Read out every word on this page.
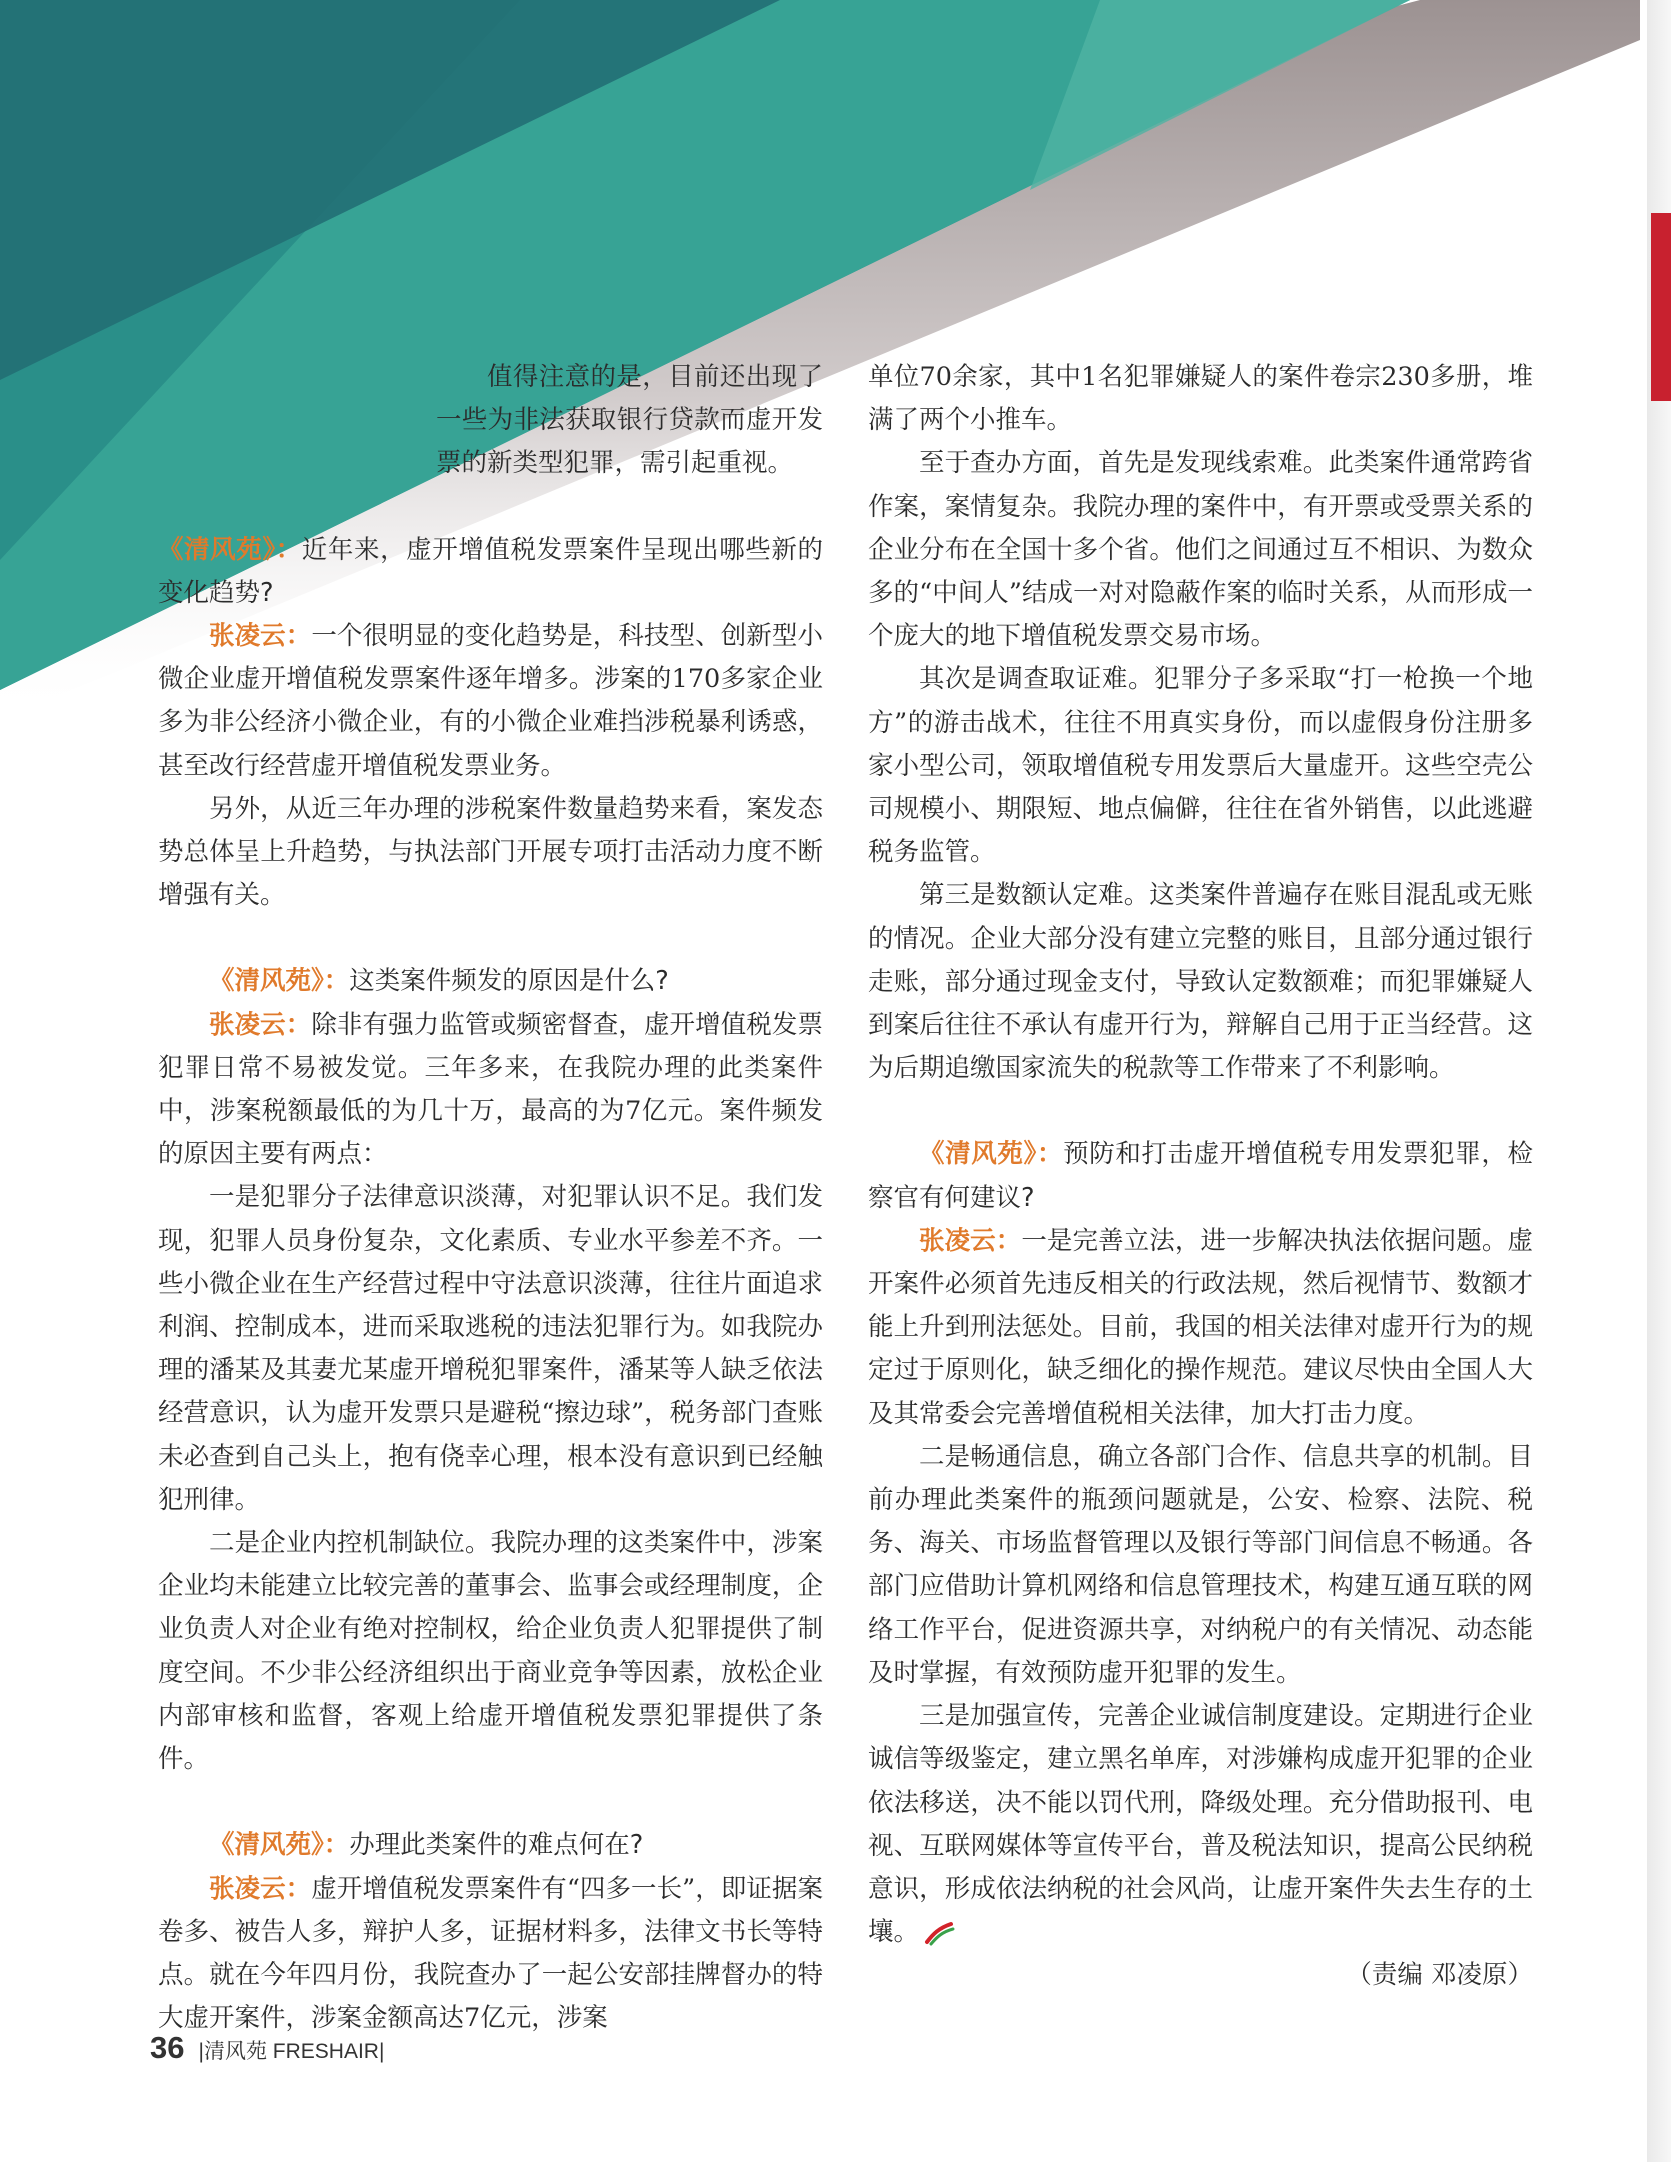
值得注意的是，目前还出现了一些为非法获取银行贷款而虚开发票的新类型犯罪，需引起重视。

《清风苑》：近年来，虚开增值税发票案件呈现出哪些新的变化趋势?

张凌云：一个很明显的变化趋势是，科技型、创新型小微企业虚开增值税发票案件逐年增多。涉案的170多家企业多为非公经济小微企业，有的小微企业难挡涉税暴利诱惑，甚至改行经营虚开增值税发票业务。

另外，从近三年办理的涉税案件数量趋势来看，案发态势总体呈上升趋势，与执法部门开展专项打击活动力度不断增强有关。

《清风苑》：这类案件频发的原因是什么?

张凌云：除非有强力监管或频密督查，虚开增值税发票犯罪日常不易被发觉。三年多来，在我院办理的此类案件中，涉案税额最低的为几十万，最高的为7亿元。案件频发的原因主要有两点：

一是犯罪分子法律意识淡薄，对犯罪认识不足。我们发现，犯罪人员身份复杂，文化素质、专业水平参差不齐。一些小微企业在生产经营过程中守法意识淡薄，往往片面追求利润、控制成本，进而采取逃税的违法犯罪行为。如我院办理的潘某及其妻尤某虚开增税犯罪案件，潘某等人缺乏依法经营意识，认为虚开发票只是避税“擦边球”，税务部门查账未必查到自己头上，抱有侥幸心理，根本没有意识到已经触犯刑律。

二是企业内控机制缺位。我院办理的这类案件中，涉案企业均未能建立比较完善的董事会、监事会或经理制度，企业负责人对企业有绝对控制权，给企业负责人犯罪提供了制度空间。不少非公经济组织出于商业竞争等因素，放松企业内部审核和监督，客观上给虚开增值税发票犯罪提供了条件。

《清风苑》：办理此类案件的难点何在?

张凌云：虚开增值税发票案件有“四多一长”，即证据案卷多、被告人多，辩护人多，证据材料多，法律文书长等特点。就在今年四月份，我院查办了一起公安部挂牌督办的特大虚开案件，涉案金额高达7亿元，涉案

单位70余家，其中1名犯罪嫌疑人的案件卷宗230多册，堆满了两个小推车。

至于查办方面，首先是发现线索难。此类案件通常跨省作案，案情复杂。我院办理的案件中，有开票或受票关系的企业分布在全国十多个省。他们之间通过互不相识、为数众多的“中间人”结成一对对隐蔽作案的临时关系，从而形成一个庞大的地下增值税发票交易市场。

其次是调查取证难。犯罪分子多采取“打一枪换一个地方”的游击战术，往往不用真实身份，而以虚假身份注册多家小型公司，领取增值税专用发票后大量虚开。这些空壳公司规模小、期限短、地点偏僻，往往在省外销售，以此逃避税务监管。

第三是数额认定难。这类案件普遍存在账目混乱或无账的情况。企业大部分没有建立完整的账目，且部分通过银行走账，部分通过现金支付，导致认定数额难；而犯罪嫌疑人到案后往往不承认有虚开行为，辩解自己用于正当经营。这为后期追缴国家流失的税款等工作带来了不利影响。

《清风苑》：预防和打击虚开增值税专用发票犯罪，检察官有何建议?

张凌云：一是完善立法，进一步解决执法依据问题。虚开案件必须首先违反相关的行政法规，然后视情节、数额才能上升到刑法惩处。目前，我国的相关法律对虚开行为的规定过于原则化，缺乏细化的操作规范。建议尽快由全国人大及其常委会完善增值税相关法律，加大打击力度。

二是畅通信息，确立各部门合作、信息共享的机制。目前办理此类案件的瓶颈问题就是，公安、检察、法院、税务、海关、市场监督管理以及银行等部门间信息不畅通。各部门应借助计算机网络和信息管理技术，构建互通互联的网络工作平台，促进资源共享，对纳税户的有关情况、动态能及时掌握，有效预防虚开犯罪的发生。

三是加强宣传，完善企业诚信制度建设。定期进行企业诚信等级鉴定，建立黑名单库，对涉嫌构成虚开犯罪的企业依法移送，决不能以罚代刑，降级处理。充分借助报刊、电视、互联网媒体等宣传平台，普及税法知识，提高公民纳税意识，形成依法纳税的社会风尚，让虚开案件失去生存的土壤。

（责编 邓凌原）

36 |清风苑 FRESHAIR|
